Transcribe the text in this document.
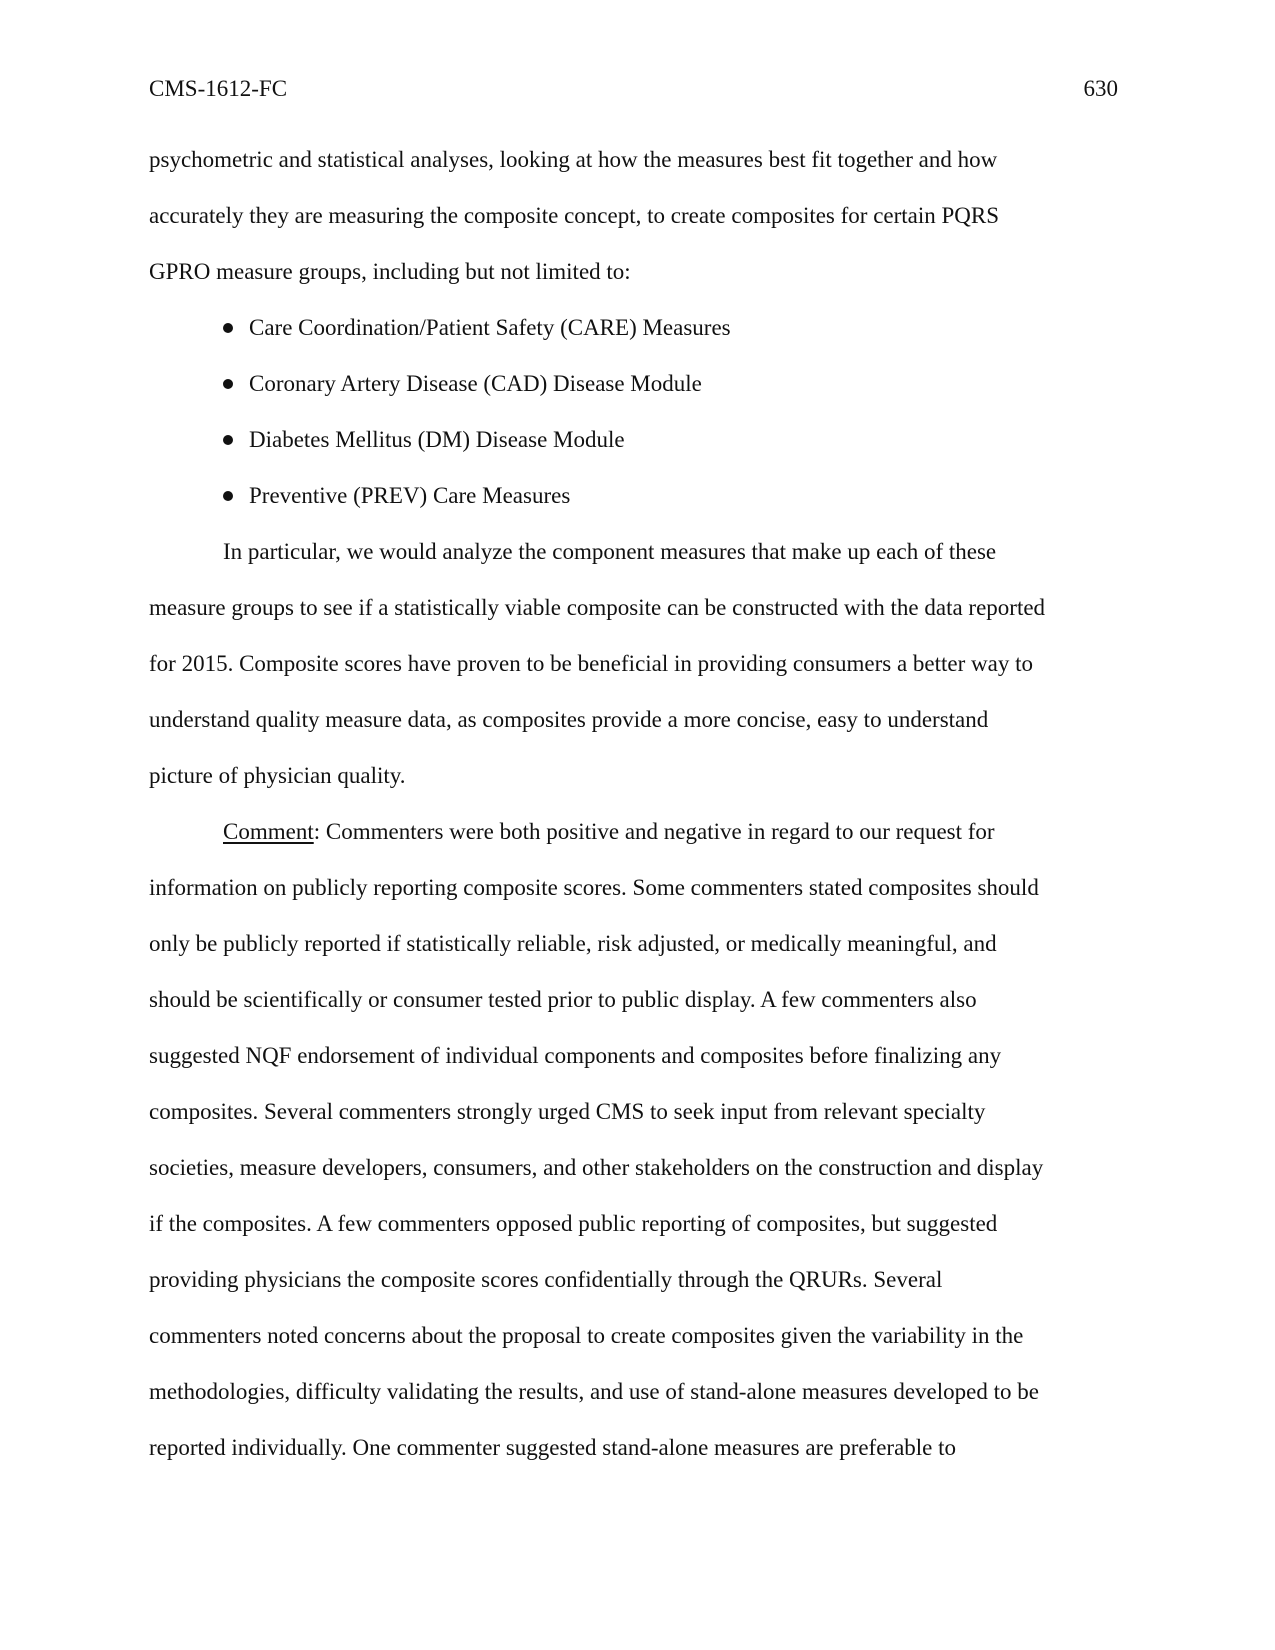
CMS-1612-FC	630
psychometric and statistical analyses, looking at how the measures best fit together and how
accurately they are measuring the composite concept, to create composites for certain PQRS
GPRO measure groups, including but not limited to:
Care Coordination/Patient Safety (CARE) Measures
Coronary Artery Disease (CAD) Disease Module
Diabetes Mellitus (DM) Disease Module
Preventive (PREV) Care Measures
In particular, we would analyze the component measures that make up each of these
measure groups to see if a statistically viable composite can be constructed with the data reported
for 2015. Composite scores have proven to be beneficial in providing consumers a better way to
understand quality measure data, as composites provide a more concise, easy to understand
picture of physician quality.
Comment: Commenters were both positive and negative in regard to our request for
information on publicly reporting composite scores. Some commenters stated composites should
only be publicly reported if statistically reliable, risk adjusted, or medically meaningful, and
should be scientifically or consumer tested prior to public display. A few commenters also
suggested NQF endorsement of individual components and composites before finalizing any
composites. Several commenters strongly urged CMS to seek input from relevant specialty
societies, measure developers, consumers, and other stakeholders on the construction and display
if the composites. A few commenters opposed public reporting of composites, but suggested
providing physicians the composite scores confidentially through the QRURs. Several
commenters noted concerns about the proposal to create composites given the variability in the
methodologies, difficulty validating the results, and use of stand-alone measures developed to be
reported individually. One commenter suggested stand-alone measures are preferable to
